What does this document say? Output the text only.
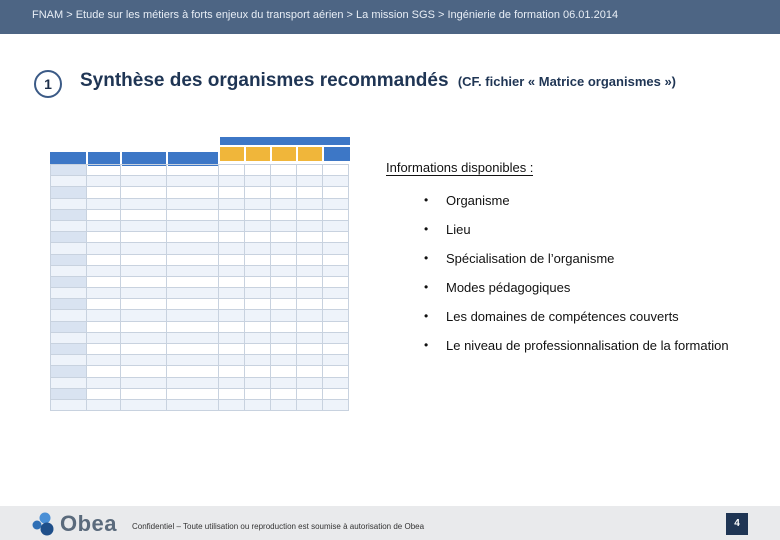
FNAM > Etude sur les métiers à forts enjeux du transport aérien > La mission SGS > Ingénierie de formation 06.01.2014
1	Synthèse des organismes recommandés (CF. fichier « Matrice organismes »)

Informations disponibles :
• Organisme
• Lieu
• Spécialisation de l’organisme
• Modes pédagogiques
• Les domaines de compétences couverts
• Le niveau de professionnalisation de la formation
Obea Confidentiel – Toute utilisation ou reproduction est soumise à autorisation de Obea	4
